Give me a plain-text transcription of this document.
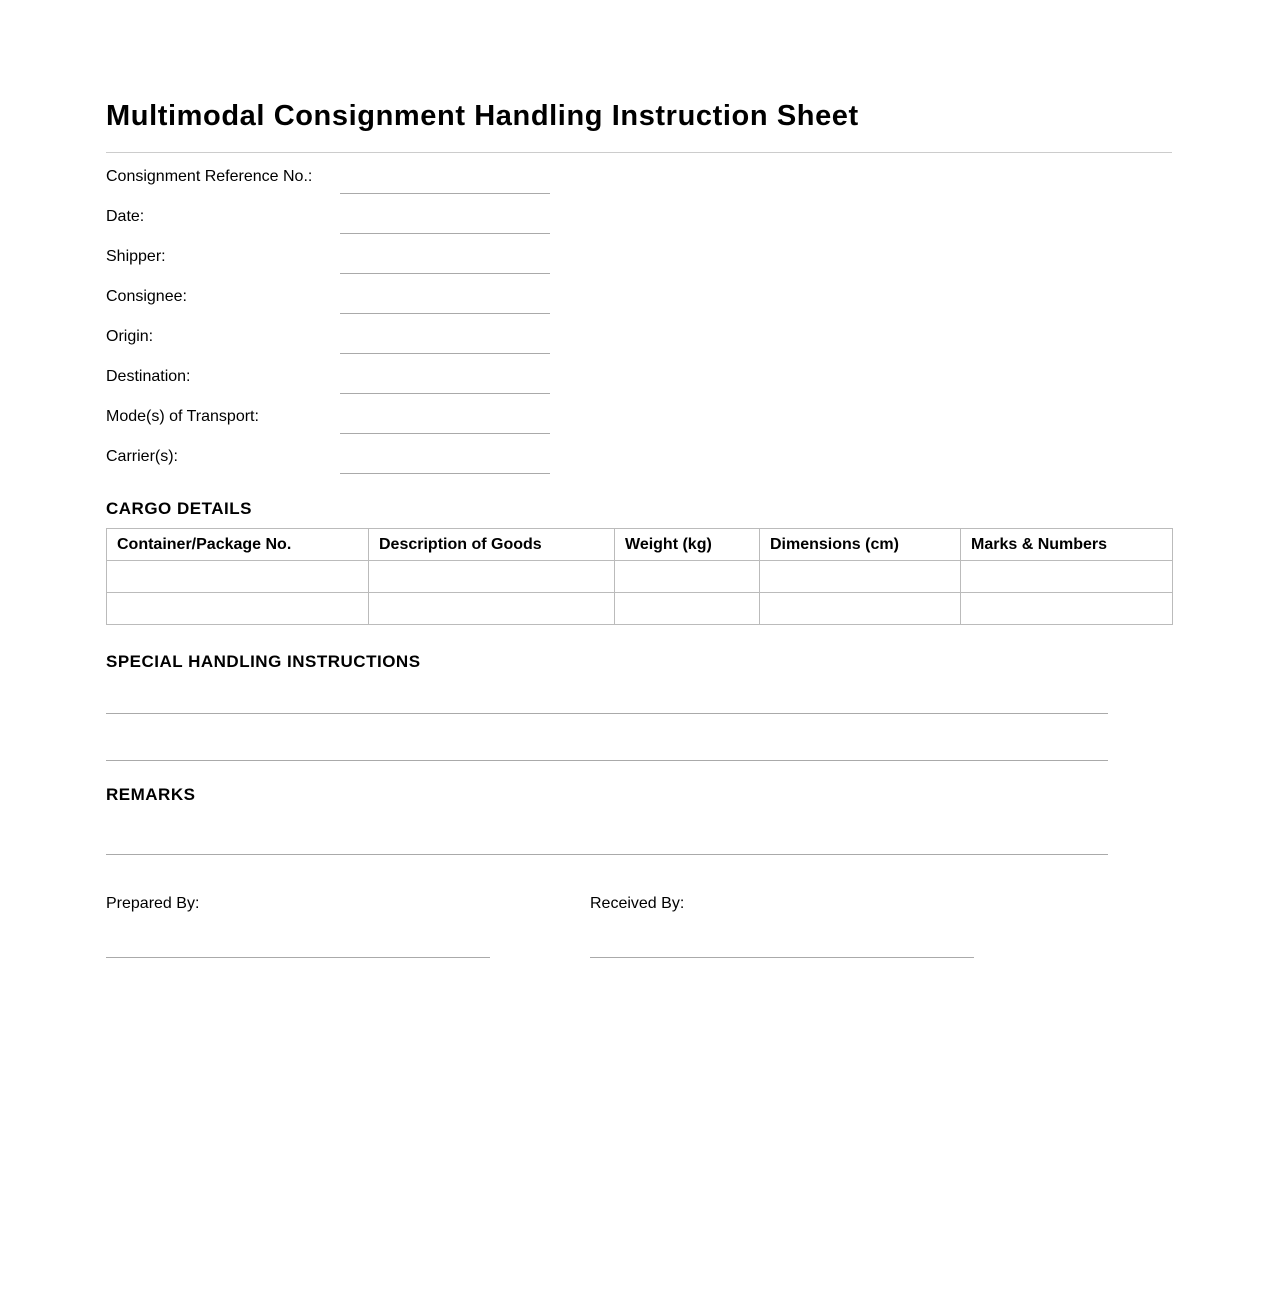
Multimodal Consignment Handling Instruction Sheet
Consignment Reference No.:
Date:
Shipper:
Consignee:
Origin:
Destination:
Mode(s) of Transport:
Carrier(s):
CARGO DETAILS
Container/Package No.	Description of Goods	Weight (kg)	Dimensions (cm)	Marks & Numbers

SPECIAL HANDLING INSTRUCTIONS
REMARKS
Prepared By:	Received By:
